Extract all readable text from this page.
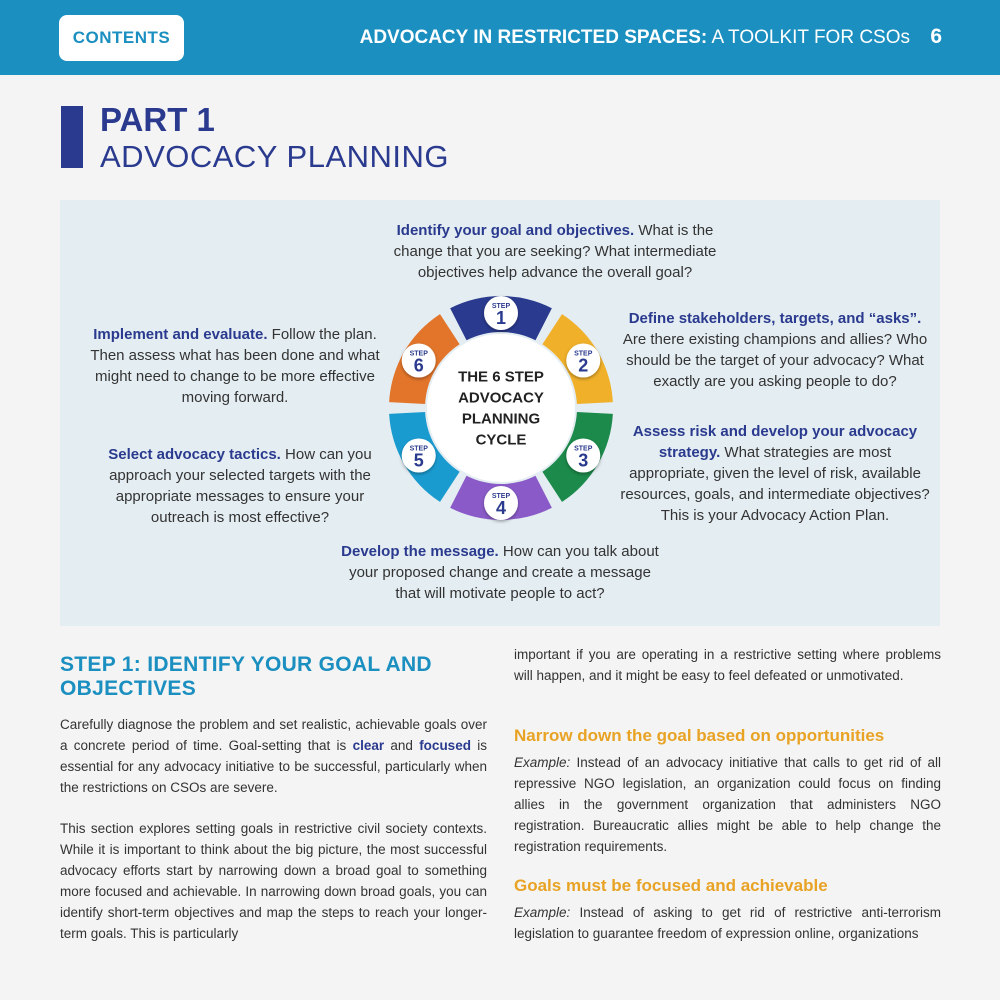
CONTENTS	ADVOCACY IN RESTRICTED SPACES: A TOOLKIT FOR CSOs 6
PART 1
ADVOCACY PLANNING
Identify your goal and objectives. What is the change that you are seeking? What intermediate objectives help advance the overall goal?
Define stakeholders, targets, and “asks”. Are there existing champions and allies? Who should be the target of your advocacy? What exactly are you asking people to do?
Assess risk and develop your advocacy strategy. What strategies are most appropriate, given the level of risk, available resources, goals, and intermediate objectives? This is your Advocacy Action Plan.
Develop the message. How can you talk about your proposed change and create a message that will motivate people to act?
Select advocacy tactics. How can you approach your selected targets with the appropriate messages to ensure your outreach is most effective?
Implement and evaluate. Follow the plan. Then assess what has been done and what might need to change to be more effective moving forward.
STEP
1
STEP
2
STEP
3
STEP
4
STEP
5
STEP
6
THE 6 STEP
ADVOCACY
PLANNING
CYCLE
STEP 1: IDENTIFY YOUR GOAL AND OBJECTIVES

Carefully diagnose the problem and set realistic, achievable goals over a concrete period of time. Goal-setting that is clear and focused is essential for any advocacy initiative to be successful, particularly when the restrictions on CSOs are severe.

This section explores setting goals in restrictive civil society contexts. While it is important to think about the big picture, the most successful advocacy efforts start by narrowing down a broad goal to something more focused and achievable. In narrowing down broad goals, you can identify short-term objectives and map the steps to reach your longer-term goals. This is particularly

important if you are operating in a restrictive setting where problems will happen, and it might be easy to feel defeated or unmotivated.

Narrow down the goal based on opportunities

Example: Instead of an advocacy initiative that calls to get rid of all repressive NGO legislation, an organization could focus on finding allies in the government organization that administers NGO registration. Bureaucratic allies might be able to help change the registration requirements.

Goals must be focused and achievable

Example: Instead of asking to get rid of restrictive anti-terrorism legislation to guarantee freedom of expression online, organizations
